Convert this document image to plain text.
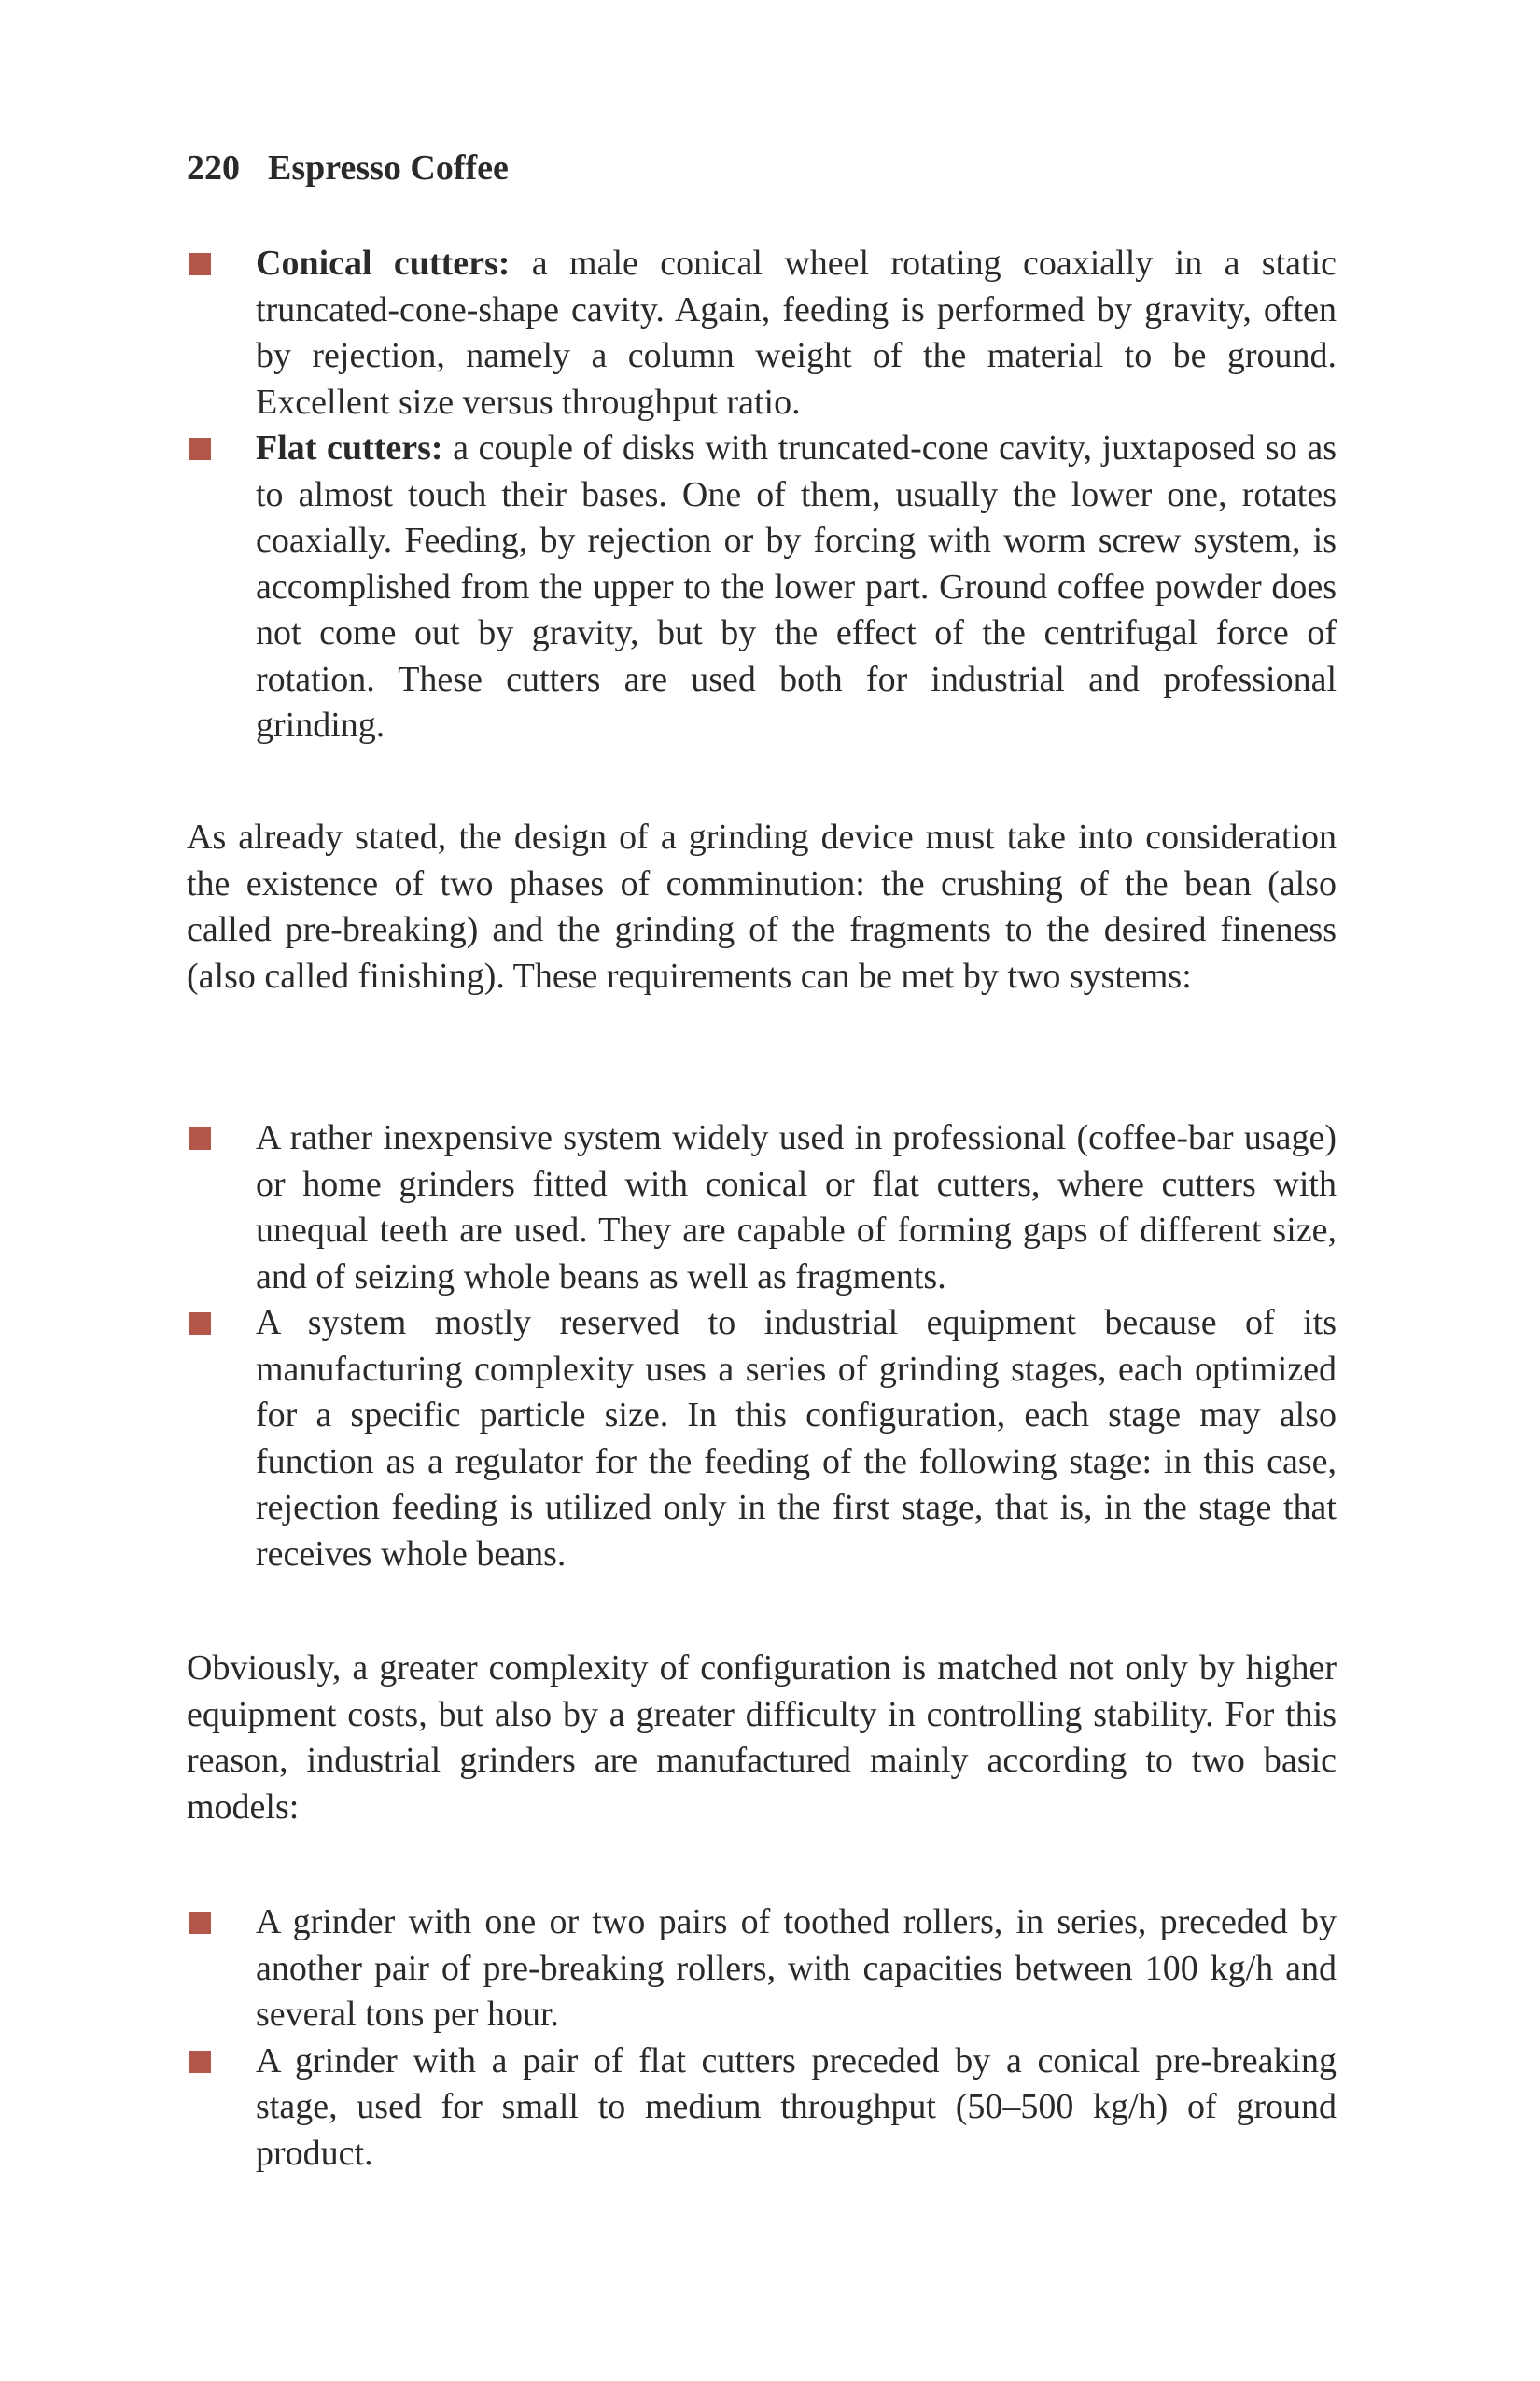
220 Espresso Coffee
Conical cutters: a male conical wheel rotating coaxially in a static truncated-cone-shape cavity. Again, feeding is performed by gravity, often by rejection, namely a column weight of the material to be ground. Excellent size versus throughput ratio.
Flat cutters: a couple of disks with truncated-cone cavity, juxtaposed so as to almost touch their bases. One of them, usually the lower one, rotates coaxially. Feeding, by rejection or by forcing with worm screw system, is accomplished from the upper to the lower part. Ground coffee powder does not come out by gravity, but by the effect of the centrifugal force of rotation. These cutters are used both for industrial and professional grinding.

As already stated, the design of a grinding device must take into consideration the existence of two phases of comminution: the crushing of the bean (also called pre-breaking) and the grinding of the fragments to the desired fineness (also called finishing). These requirements can be met by two systems:

A rather inexpensive system widely used in professional (coffee-bar usage) or home grinders fitted with conical or flat cutters, where cutters with unequal teeth are used. They are capable of forming gaps of different size, and of seizing whole beans as well as fragments.
A system mostly reserved to industrial equipment because of its manufacturing complexity uses a series of grinding stages, each optimized for a specific particle size. In this configuration, each stage may also function as a regulator for the feeding of the following stage: in this case, rejection feeding is utilized only in the first stage, that is, in the stage that receives whole beans.

Obviously, a greater complexity of configuration is matched not only by higher equipment costs, but also by a greater difficulty in controlling stability. For this reason, industrial grinders are manufactured mainly according to two basic models:

A grinder with one or two pairs of toothed rollers, in series, preceded by another pair of pre-breaking rollers, with capacities between 100 kg/h and several tons per hour.
A grinder with a pair of flat cutters preceded by a conical pre-breaking stage, used for small to medium throughput (50–500 kg/h) of ground product.
